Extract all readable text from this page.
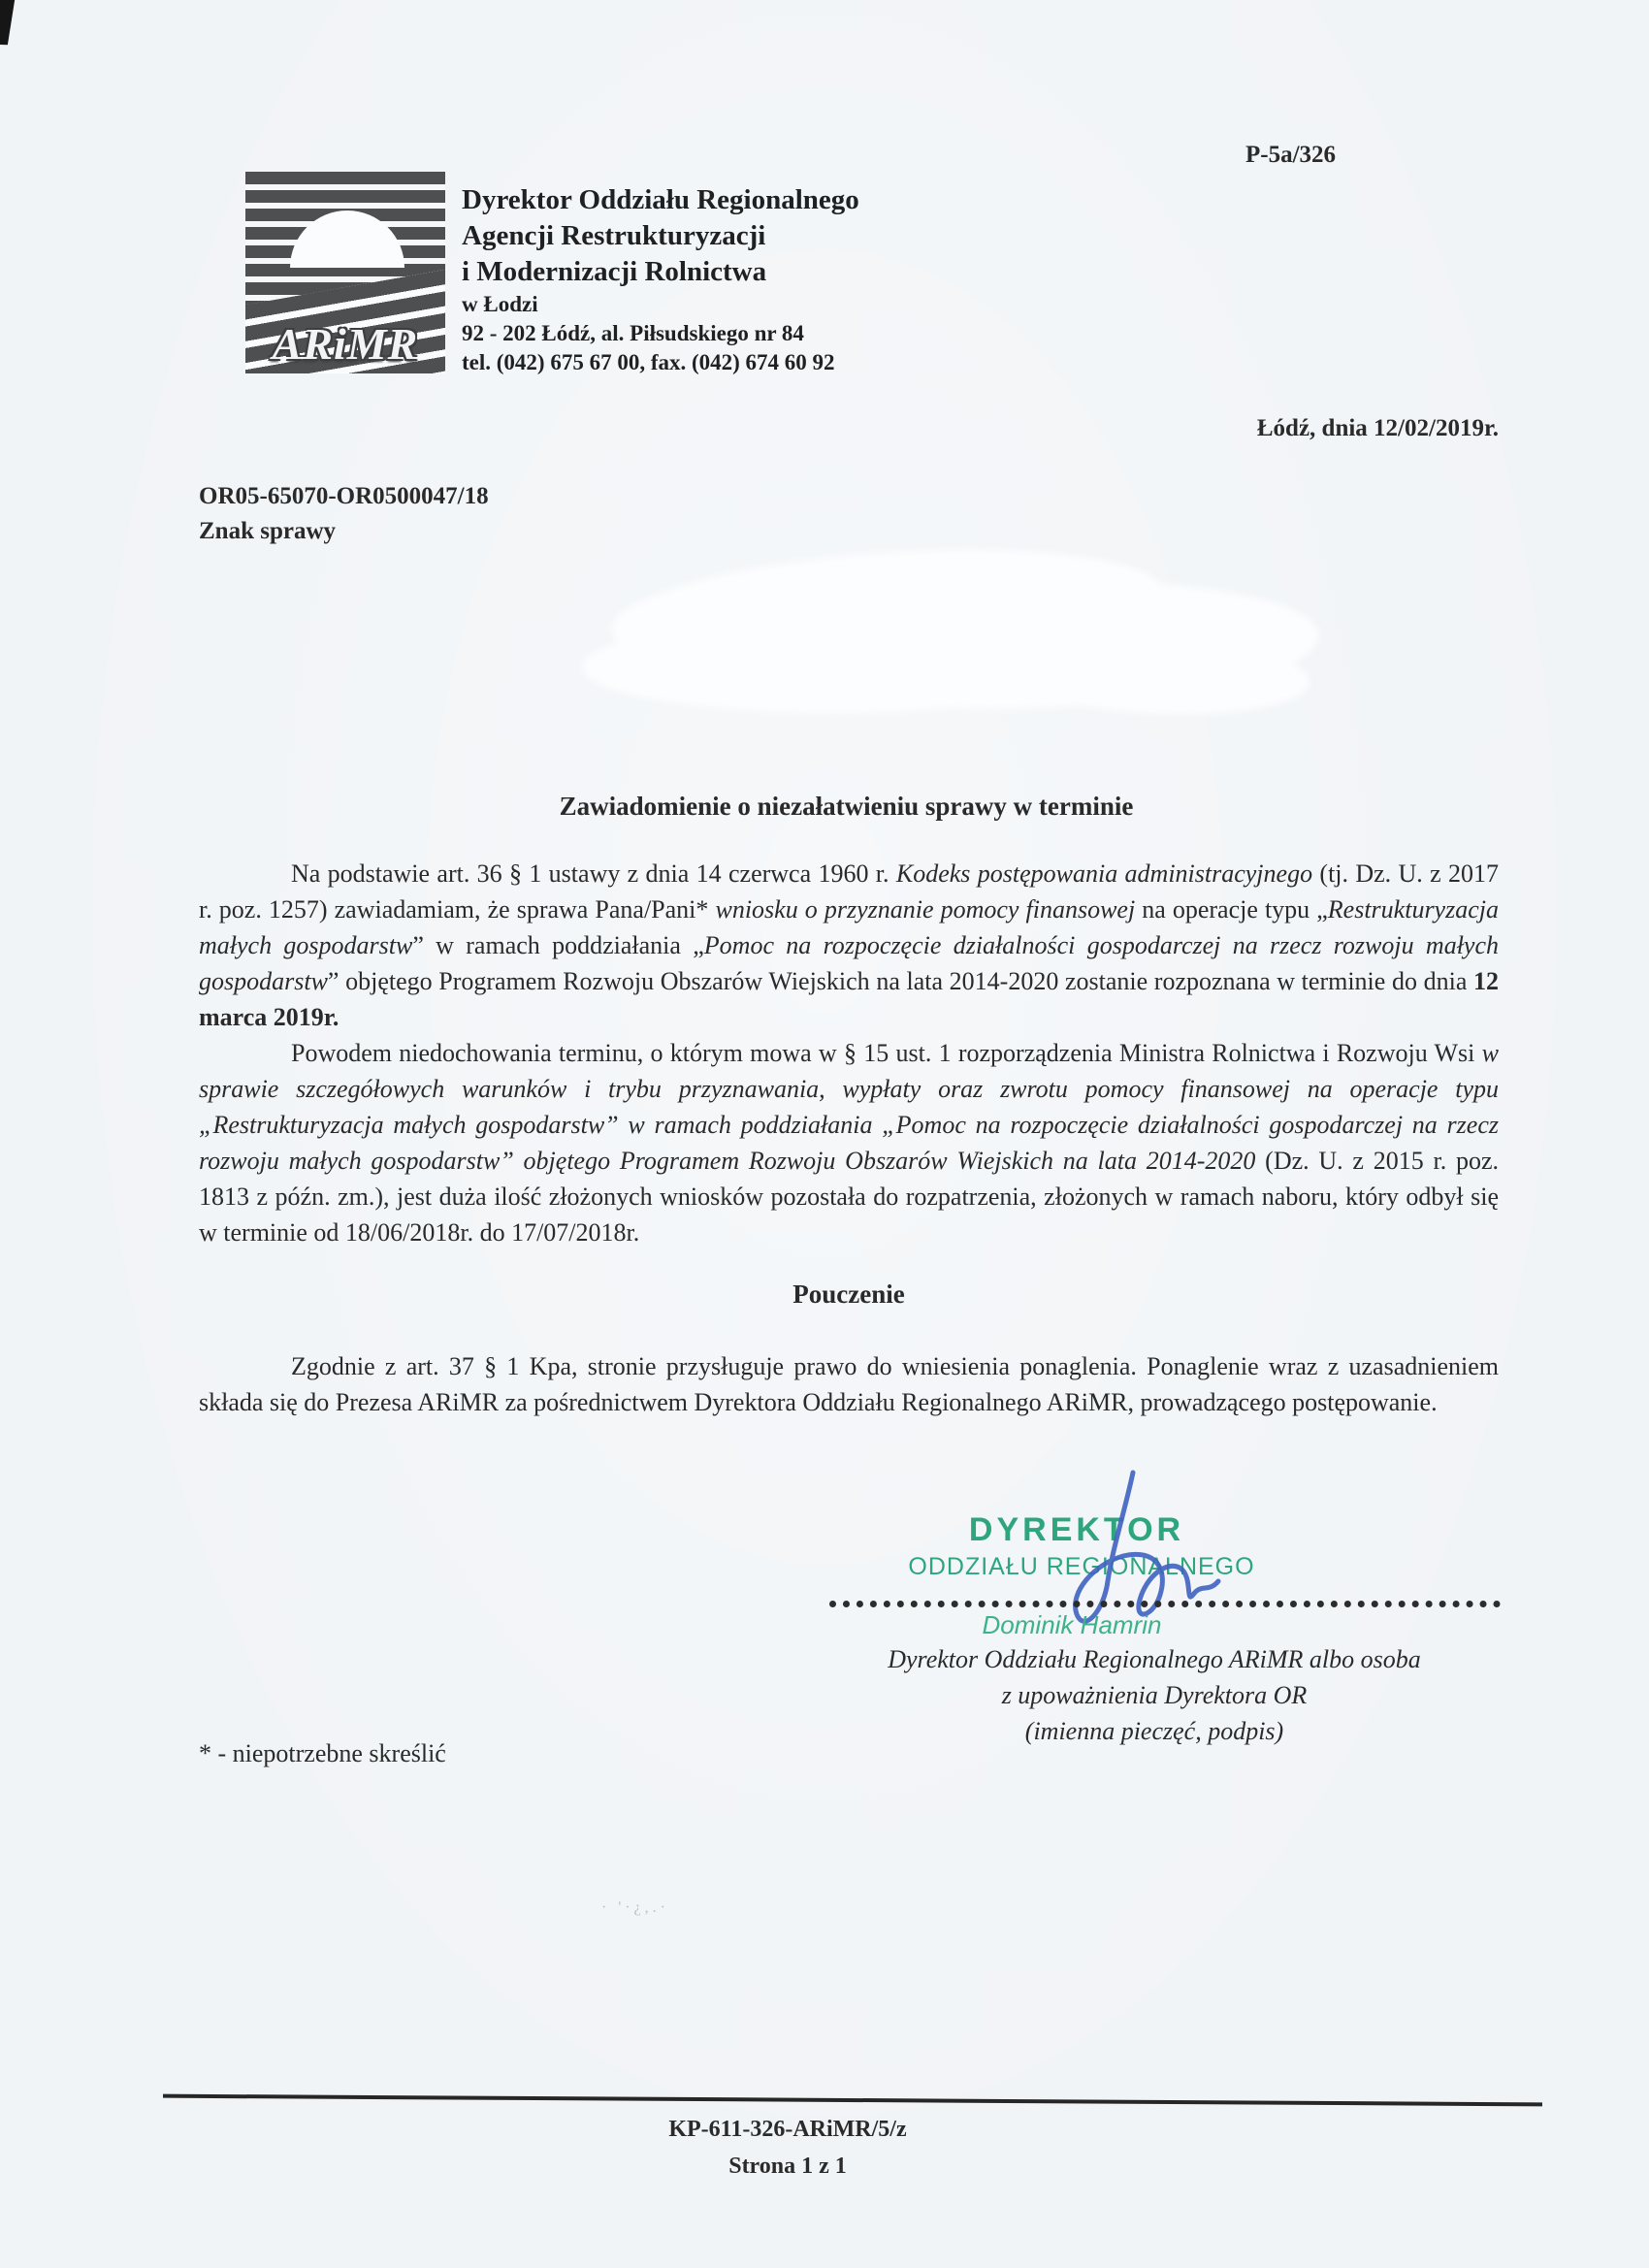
ARiMR
Dyrektor Oddziału Regionalnego
Agencji Restrukturyzacji
i Modernizacji Rolnictwa
w Łodzi
92 - 202 Łódź, al. Piłsudskiego nr 84
tel. (042) 675 67 00, fax. (042) 674 60 92
P-5a/326
Łódź, dnia 12/02/2019r.
OR05-65070-OR0500047/18
Znak sprawy
Zawiadomienie o niezałatwieniu sprawy w terminie

Na podstawie art. 36 § 1 ustawy z dnia 14 czerwca 1960 r. Kodeks postępowania administracyjnego (tj. Dz. U. z 2017 r. poz. 1257) zawiadamiam, że sprawa Pana/Pani* wniosku o przyznanie pomocy finansowej na operacje typu „Restrukturyzacja małych gospodarstw” w ramach poddziałania „Pomoc na rozpoczęcie działalności gospodarczej na rzecz rozwoju małych gospodarstw” objętego Programem Rozwoju Obszarów Wiejskich na lata 2014-2020 zostanie rozpoznana w terminie do dnia 12 marca 2019r.

Powodem niedochowania terminu, o którym mowa w § 15 ust. 1 rozporządzenia Ministra Rolnictwa i Rozwoju Wsi w sprawie szczegółowych warunków i trybu przyznawania, wypłaty oraz zwrotu pomocy finansowej na operacje typu „Restrukturyzacja małych gospodarstw” w ramach poddziałania „Pomoc na rozpoczęcie działalności gospodarczej na rzecz rozwoju małych gospodarstw” objętego Programem Rozwoju Obszarów Wiejskich na lata 2014-2020 (Dz. U. z 2015 r. poz. 1813 z późn. zm.), jest duża ilość złożonych wniosków pozostała do rozpatrzenia, złożonych w ramach naboru, który odbył się w terminie od 18/06/2018r. do 17/07/2018r.

Pouczenie

Zgodnie z art. 37 § 1 Kpa, stronie przysługuje prawo do wniesienia ponaglenia. Ponaglenie wraz z uzasadnieniem składa się do Prezesa ARiMR za pośrednictwem Dyrektora Oddziału Regionalnego ARiMR, prowadzącego postępowanie.

DYREKTOR
ODDZIAŁU REGIONALNEGO
Dominik Hamrin
Dyrektor Oddziału Regionalnego ARiMR albo osoba
z upoważnienia Dyrektora OR
(imienna pieczęć, podpis)
* - niepotrzebne skreślić
· '·¿,.·
KP-611-326-ARiMR/5/z
Strona 1 z 1
